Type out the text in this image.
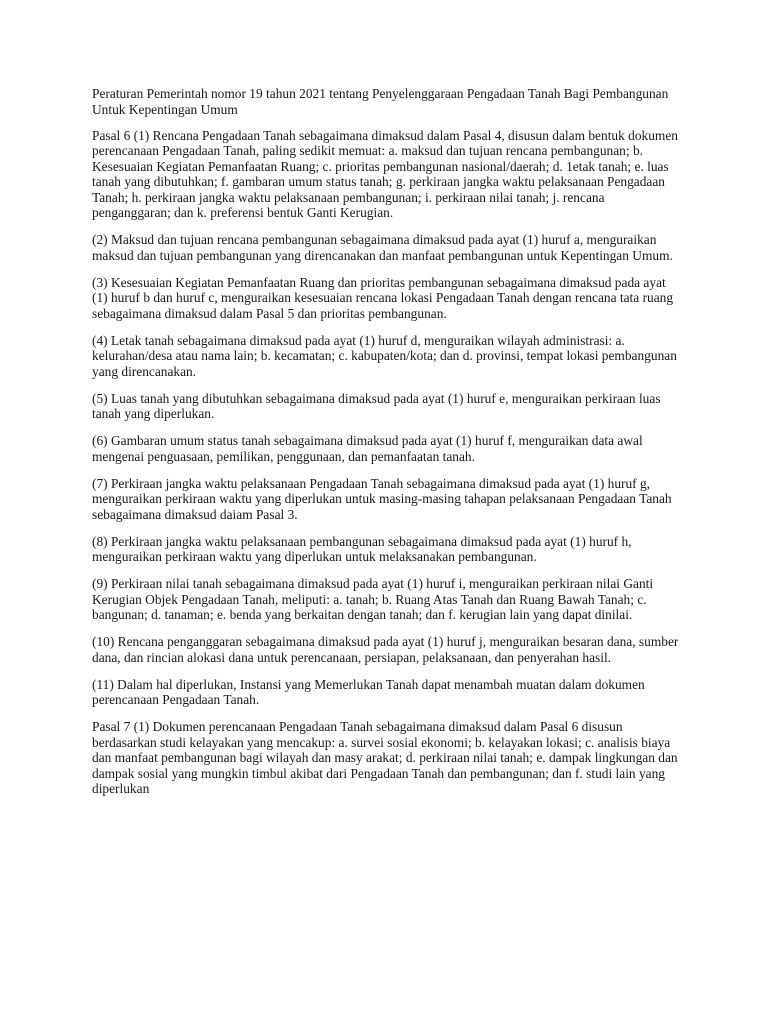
Peraturan Pemerintah nomor 19 tahun 2021 tentang Penyelenggaraan Pengadaan Tanah Bagi Pembangunan Untuk Kepentingan Umum

Pasal 6 (1) Rencana Pengadaan Tanah sebagaimana dimaksud dalam Pasal 4, disusun dalam bentuk dokumen perencanaan Pengadaan Tanah, paling sedikit memuat: a. maksud dan tujuan rencana pembangunan; b. Kesesuaian Kegiatan Pemanfaatan Ruang; c. prioritas pembangunan nasional/daerah; d. 1etak tanah; e. luas tanah yang dibutuhkan; f. gambaran umum status tanah; g. perkiraan jangka waktu pelaksanaan Pengadaan Tanah; h. perkiraan jangka waktu pelaksanaan pembangunan; i. perkiraan nilai tanah; j. rencana penganggaran; dan k. preferensi bentuk Ganti Kerugian.

(2) Maksud dan tujuan rencana pembangunan sebagaimana dimaksud pada ayat (1) huruf a, menguraikan maksud dan tujuan pembangunan yang direncanakan dan manfaat pembangunan untuk Kepentingan Umum.

(3) Kesesuaian Kegiatan Pemanfaatan Ruang dan prioritas pembangunan sebagaimana dimaksud pada ayat (1) huruf b dan huruf c, menguraikan kesesuaian rencana lokasi Pengadaan Tanah dengan rencana tata ruang sebagaimana dimaksud dalam Pasal 5 dan prioritas pembangunan.

(4) Letak tanah sebagaimana dimaksud pada ayat (1) huruf d, menguraikan wilayah administrasi: a. kelurahan/desa atau nama lain; b. kecamatan; c. kabupaten/kota; dan d. provinsi, tempat lokasi pembangunan yang direncanakan.

(5) Luas tanah yang dibutuhkan sebagaimana dimaksud pada ayat (1) huruf e, menguraikan perkiraan luas tanah yang diperlukan.

(6) Gambaran umum status tanah sebagaimana dimaksud pada ayat (1) huruf f, menguraikan data awal mengenai penguasaan, pemilikan, penggunaan, dan pemanfaatan tanah.

(7) Perkiraan jangka waktu pelaksanaan Pengadaan Tanah sebagaimana dimaksud pada ayat (1) huruf g, menguraikan perkiraan waktu yang diperlukan untuk masing-masing tahapan pelaksanaan Pengadaan Tanah sebagaimana dimaksud daiam Pasal 3.

(8) Perkiraan jangka waktu pelaksanaan pembangunan sebagaimana dimaksud pada ayat (1) huruf h, menguraikan perkiraan waktu yang diperlukan untuk melaksanakan pembangunan.

(9) Perkiraan nilai tanah sebagaimana dimaksud pada ayat (1) huruf i, menguraikan perkiraan nilai Ganti Kerugian Objek Pengadaan Tanah, meliputi: a. tanah; b. Ruang Atas Tanah dan Ruang Bawah Tanah; c. bangunan; d. tanaman; e. benda yang berkaitan dengan tanah; dan f. kerugian lain yang dapat dinilai.

(10) Rencana penganggaran sebagaimana dimaksud pada ayat (1) huruf j, menguraikan besaran dana, sumber dana, dan rincian alokasi dana untuk perencanaan, persiapan, pelaksanaan, dan penyerahan hasil.

(11) Dalam hal diperlukan, Instansi yang Memerlukan Tanah dapat menambah muatan dalam dokumen perencanaan Pengadaan Tanah.

Pasal 7 (1) Dokumen perencanaan Pengadaan Tanah sebagaimana dimaksud dalam Pasal 6 disusun berdasarkan studi kelayakan yang mencakup: a. survei sosial ekonomi; b. kelayakan lokasi; c. analisis biaya dan manfaat pembangunan bagi wilayah dan masy arakat; d. perkiraan nilai tanah; e. dampak lingkungan dan dampak sosial yang mungkin timbul akibat dari Pengadaan Tanah dan pembangunan; dan f. studi lain yang diperlukan
